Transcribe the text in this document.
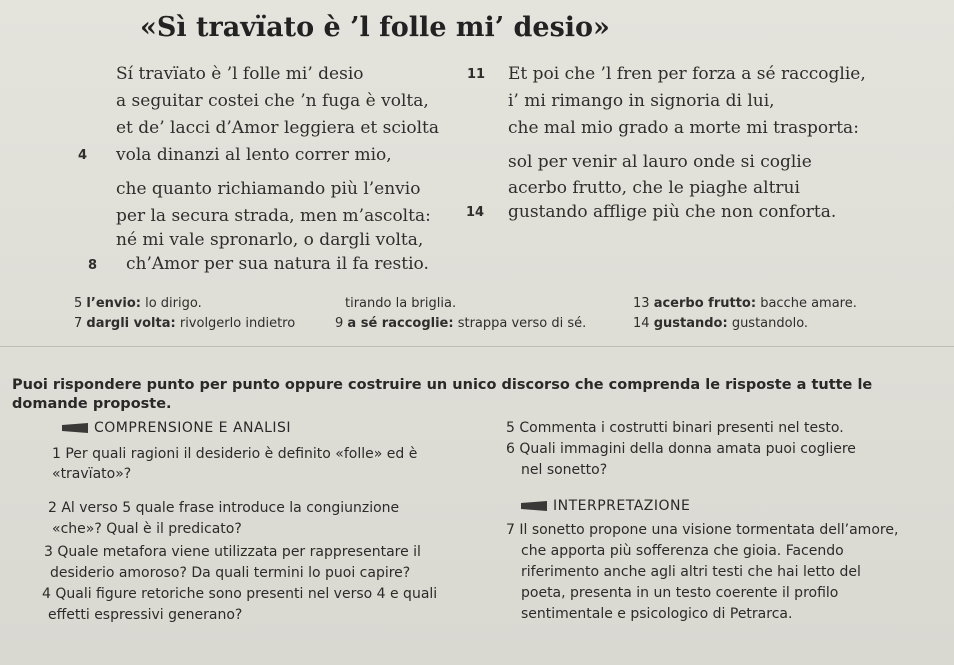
«Sì travïato è ’l folle mi’ desio»
Sí travïato è ’l folle mi’ desio
a seguitar costei che ’n fuga è volta,
et de’ lacci d’Amor leggiera et sciolta
4 vola dinanzi al lento correr mio,
che quanto richiamando più l’envio
per la secura strada, men m’ascolta:
né mi vale spronarlo, o dargli volta,
8 ch’Amor per sua natura il fa restio.
11 Et poi che ’l fren per forza a sé raccoglie,
i’ mi rimango in signoria di lui,
che mal mio grado a morte mi trasporta:
sol per venir al lauro onde si coglie
acerbo frutto, che le piaghe altrui
14 gustando afflige più che non conforta.
5 l’envio: lo dirigo.
7 dargli volta: rivolgerlo indietro
tirando la briglia.
9 a sé raccoglie: strappa verso di sé.
13 acerbo frutto: bacche amare.
14 gustando: gustandolo.
Puoi rispondere punto per punto oppure costruire un unico discorso che comprenda le risposte a tutte le
domande proposte.
COMPRENSIONE E ANALISI
INTERPRETAZIONE
1 Per quali ragioni il desiderio è definito «folle» ed è
«travïato»?
2 Al verso 5 quale frase introduce la congiunzione
«che»? Qual è il predicato?
3 Quale metafora viene utilizzata per rappresentare il
desiderio amoroso? Da quali termini lo puoi capire?
4 Quali figure retoriche sono presenti nel verso 4 e quali
effetti espressivi generano?
5 Commenta i costrutti binari presenti nel testo.
6 Quali immagini della donna amata puoi cogliere
nel sonetto?
7 Il sonetto propone una visione tormentata dell’amore,
che apporta più sofferenza che gioia. Facendo
riferimento anche agli altri testi che hai letto del
poeta, presenta in un testo coerente il profilo
sentimentale e psicologico di Petrarca.
